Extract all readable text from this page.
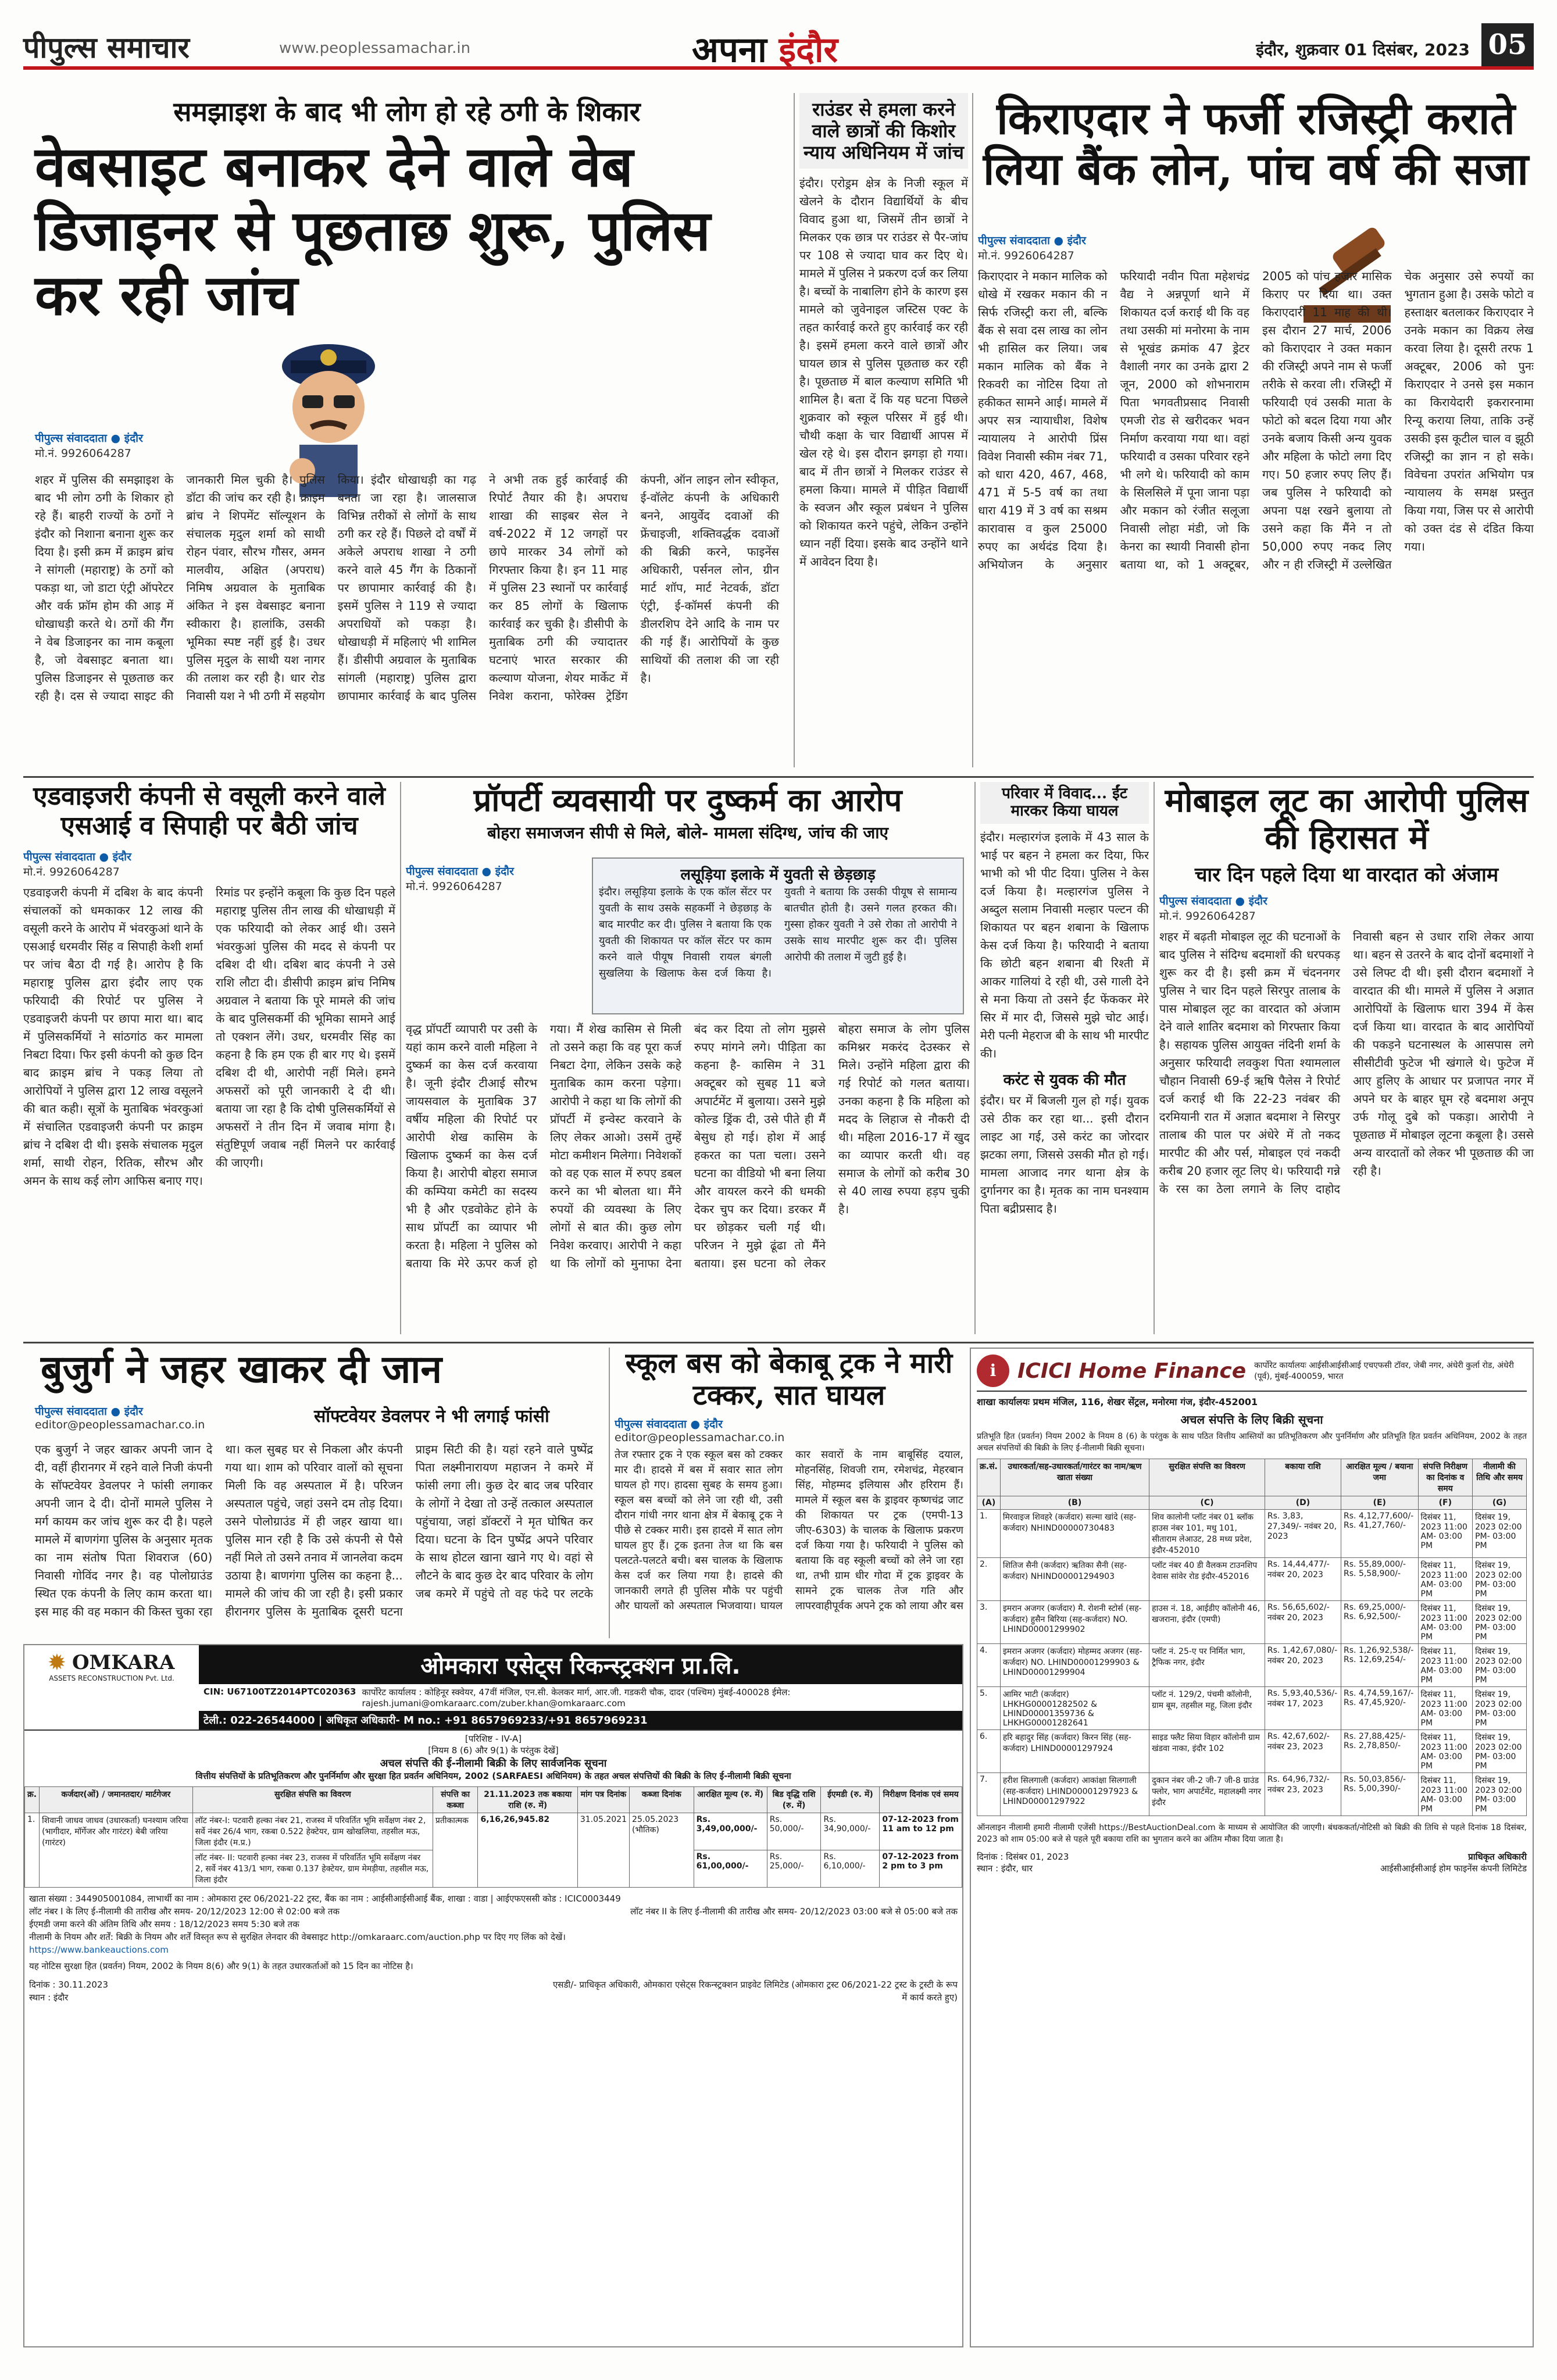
पीपुल्स समाचार	www.peoplessamachar.in	अपना इंदौर	इंदौर, शुक्रवार 01 दिसंबर, 2023 05
समझाइश के बाद भी लोग हो रहे ठगी के शिकार
वेबसाइट बनाकर देने वाले वेब डिजाइनर से पूछताछ शुरू, पुलिस कर रही जांच
पीपुल्स संवाददाता ● इंदौर
मो.नं. 9926064287
शहर में पुलिस की समझाइश के बाद भी लोग ठगी के शिकार हो रहे हैं। बाहरी राज्यों के ठगों ने इंदौर को निशाना बनाना शुरू कर दिया है। इसी क्रम में क्राइम ब्रांच ने सांगली (महाराष्ट्र) के ठगों को पकड़ा था, जो डाटा एंट्री ऑपरेटर और वर्क फ्रॉम होम की आड़ में धोखाधड़ी करते थे। ठगों की गैंग ने वेब डिजाइनर का नाम कबूला है, जो वेबसाइट बनाता था। पुलिस डिजाइनर से पूछताछ कर रही है। दस से ज्यादा साइट की जानकारी मिल चुकी है। पुलिस डॉटा की जांच कर रही है। क्राइम ब्रांच ने शिपमेंट सॉल्यूशन के संचालक मृदुल शर्मा को साथी रोहन पंवार, सौरभ गौसर, अमन मालवीय, अक्षित (अपराध) निमिष अग्रवाल के मुताबिक अंकित ने इस वेबसाइट बनाना स्वीकारा है। हालांकि, उसकी भूमिका स्पष्ट नहीं हुई है। उधर पुलिस मृदुल के साथी यश नागर की तलाश कर रही है। धार रोड निवासी यश ने भी ठगी में सहयोग किया। इंदौर धोखाधड़ी का गढ़ बनता जा रहा है। जालसाज विभिन्न तरीकों से लोगों के साथ ठगी कर रहे हैं। पिछले दो वर्षों में अकेले अपराध शाखा ने ठगी करने वाले 45 गैंग के ठिकानों पर छापामार कार्रवाई की है। इसमें पुलिस ने 119 से ज्यादा अपराधियों को पकड़ा है। धोखाधड़ी में महिलाएं भी शामिल हैं। डीसीपी अग्रवाल के मुताबिक सांगली (महाराष्ट्र) पुलिस द्वारा छापामार कार्रवाई के बाद पुलिस ने अभी तक हुई कार्रवाई की रिपोर्ट तैयार की है। अपराध शाखा की साइबर सेल ने वर्ष-2022 में 12 जगहों पर छापे मारकर 34 लोगों को गिरफ्तार किया है। इन 11 माह में पुलिस 23 स्थानों पर कार्रवाई कर 85 लोगों के खिलाफ कार्रवाई कर चुकी है। डीसीपी के मुताबिक ठगी की ज्यादातर घटनाएं भारत सरकार की कल्याण योजना, शेयर मार्केट में निवेश कराना, फोरेक्स ट्रेडिंग कंपनी, ऑन लाइन लोन स्वीकृत, ई-वॉलेट कंपनी के अधिकारी बनने, आयुर्वेद दवाओं की फ्रेंचाइजी, शक्तिवर्द्धक दवाओं की बिक्री करने, फाइनेंस अधिकारी, पर्सनल लोन, ग्रीन मार्ट शॉप, मार्ट नेटवर्क, डॉटा एंट्री, ई-कॉमर्स कंपनी की डीलरशिप देने आदि के नाम पर की गई हैं। आरोपियों के कुछ साथियों की तलाश की जा रही है।
राउंडर से हमला करने वाले छात्रों की किशोर न्याय अधिनियम में जांच
इंदौर। एरोड्रम क्षेत्र के निजी स्कूल में खेलने के दौरान विद्यार्थियों के बीच विवाद हुआ था, जिसमें तीन छात्रों ने मिलकर एक छात्र पर राउंडर से पैर-जांघ पर 108 से ज्यादा घाव कर दिए थे। मामले में पुलिस ने प्रकरण दर्ज कर लिया है। बच्चों के नाबालिग होने के कारण इस मामले को जुवेनाइल जस्टिस एक्ट के तहत कार्रवाई करते हुए कार्रवाई कर रही है। इसमें हमला करने वाले छात्रों और घायल छात्र से पुलिस पूछताछ कर रही है। पूछताछ में बाल कल्याण समिति भी शामिल है। बता दें कि यह घटना पिछले शुक्रवार को स्कूल परिसर में हुई थी। चौथी कक्षा के चार विद्यार्थी आपस में खेल रहे थे। इस दौरान झगड़ा हो गया। बाद में तीन छात्रों ने मिलकर राउंडर से हमला किया। मामले में पीड़ित विद्यार्थी के स्वजन और स्कूल प्रबंधन ने पुलिस को शिकायत करने पहुंचे, लेकिन उन्होंने ध्यान नहीं दिया। इसके बाद उन्होंने थाने में आवेदन दिया है।
किराएदार ने फर्जी रजिस्ट्री कराते लिया बैंक लोन, पांच वर्ष की सजा
पीपुल्स संवाददाता ● इंदौर
मो.नं. 9926064287
किराएदार ने मकान मालिक को धोखे में रखकर मकान की न सिर्फ रजिस्ट्री करा ली, बल्कि बैंक से सवा दस लाख का लोन भी हासिल कर लिया। जब मकान मालिक को बैंक ने रिकवरी का नोटिस दिया तो हकीकत सामने आई। मामले में अपर सत्र न्यायाधीश, विशेष न्यायालय ने आरोपी प्रिंस विवेश निवासी स्कीम नंबर 71, को धारा 420, 467, 468, 471 में 5-5 वर्ष का तथा धारा 419 में 3 वर्ष का सश्रम कारावास व कुल 25000 रुपए का अर्थदंड दिया है। अभियोजन के अनुसार फरियादी नवीन पिता महेशचंद्र वैद्य ने अन्नपूर्णा थाने में शिकायत दर्ज कराई थी कि वह तथा उसकी मां मनोरमा के नाम से भूखंड क्रमांक 47 ड्रेटर वैशाली नगर का उनके द्वारा 2 जून, 2000 को शोभनाराम पिता भगवतीप्रसाद निवासी एमजी रोड से खरीदकर भवन निर्माण करवाया गया था। वहां फरियादी व उसका परिवार रहने भी लगे थे। फरियादी को काम के सिलसिले में पूना जाना पड़ा और मकान को रंजीत सलूजा निवासी लोहा मंडी, जो कि केनरा का स्थायी निवासी होना बताया था, को 1 अक्टूबर, 2005 को पांच हजार मासिक किराए पर दिया था। उक्त किराएदारी 11 माह की थी। इस दौरान 27 मार्च, 2006 को किराएदार ने उक्त मकान की रजिस्ट्री अपने नाम से फर्जी तरीके से करवा ली। रजिस्ट्री में फरियादी एवं उसकी माता के फोटो को बदल दिया गया और उनके बजाय किसी अन्य युवक और महिला के फोटो लगा दिए गए। 50 हजार रुपए लिए हैं। जब पुलिस ने फरियादी को अपना पक्ष रखने बुलाया तो उसने कहा कि मैंने न तो 50,000 रुपए नकद लिए और न ही रजिस्ट्री में उल्लेखित चेक अनुसार उसे रुपयों का भुगतान हुआ है। उसके फोटो व हस्ताक्षर बतलाकर किराएदार ने उनके मकान का विक्रय लेख करवा लिया है। दूसरी तरफ 1 अक्टूबर, 2006 को पुनः किराएदार ने उनसे इस मकान का किरायेदारी इकरारनामा रिन्यू कराया लिया, ताकि उन्हें उसकी इस कूटील चाल व झूठी रजिस्ट्री का ज्ञान न हो सके। विवेचना उपरांत अभियोग पत्र न्यायालय के समक्ष प्रस्तुत किया गया, जिस पर से आरोपी को उक्त दंड से दंडित किया गया।
एडवाइजरी कंपनी से वसूली करने वाले एसआई व सिपाही पर बैठी जांच
पीपुल्स संवाददाता ● इंदौर
मो.नं. 9926064287
एडवाइजरी कंपनी में दबिश के बाद कंपनी संचालकों को धमकाकर 12 लाख की वसूली करने के आरोप में भंवरकुआं थाने के एसआई धरमवीर सिंह व सिपाही केशी शर्मा पर जांच बैठा दी गई है। आरोप है कि महाराष्ट्र पुलिस द्वारा इंदौर लाए एक फरियादी की रिपोर्ट पर पुलिस ने एडवाइजरी कंपनी पर छापा मारा था। बाद में पुलिसकर्मियों ने सांठगांठ कर मामला निबटा दिया। फिर इसी कंपनी को कुछ दिन बाद क्राइम ब्रांच ने पकड़ लिया तो आरोपियों ने पुलिस द्वारा 12 लाख वसूलने की बात कही। सूत्रों के मुताबिक भंवरकुआं में संचालित एडवाइजरी कंपनी पर क्राइम ब्रांच ने दबिश दी थी। इसके संचालक मृदुल शर्मा, साथी रोहन, रितिक, सौरभ और अमन के साथ कई लोग आफिस बनाए गए। रिमांड पर इन्होंने कबूला कि कुछ दिन पहले महाराष्ट्र पुलिस तीन लाख की धोखाधड़ी में एक फरियादी को लेकर आई थी। उसने भंवरकुआं पुलिस की मदद से कंपनी पर दबिश दी थी। दबिश बाद कंपनी ने उसे राशि लौटा दी। डीसीपी क्राइम ब्रांच निमिष अग्रवाल ने बताया कि पूरे मामले की जांच के बाद पुलिसकर्मी की भूमिका सामने आई तो एक्शन लेंगे। उधर, धरमवीर सिंह का कहना है कि हम एक ही बार गए थे। इसमें दबिश दी थी, आरोपी नहीं मिले। हमने अफसरों को पूरी जानकारी दे दी थी। बताया जा रहा है कि दोषी पुलिसकर्मियों से अफसरों ने तीन दिन में जवाब मांगा है। संतुष्टिपूर्ण जवाब नहीं मिलने पर कार्रवाई की जाएगी।
प्रॉपर्टी व्यवसायी पर दुष्कर्म का आरोप
बोहरा समाजजन सीपी से मिले, बोले- मामला संदिग्ध, जांच की जाए
पीपुल्स संवाददाता ● इंदौर
मो.नं. 9926064287
लसूड़िया इलाके में युवती से छेड़छाड़
इंदौर। लसूड़िया इलाके के एक कॉल सेंटर पर युवती के साथ उसके सहकर्मी ने छेड़छाड़ के बाद मारपीट कर दी। पुलिस ने बताया कि एक युवती की शिकायत पर कॉल सेंटर पर काम करने वाले पीयूष निवासी रायल बंगली सुखलिया के खिलाफ केस दर्ज किया है। युवती ने बताया कि उसकी पीयूष से सामान्य बातचीत होती है। उसने गलत हरकत की। गुस्सा होकर युवती ने उसे रोका तो आरोपी ने उसके साथ मारपीट शुरू कर दी। पुलिस आरोपी की तलाश में जुटी हुई है।
वृद्ध प्रॉपर्टी व्यापारी पर उसी के यहां काम करने वाली महिला ने दुष्कर्म का केस दर्ज करवाया है। जूनी इंदौर टीआई सौरभ जायसवाल के मुताबिक 37 वर्षीय महिला की रिपोर्ट पर आरोपी शेख कासिम के खिलाफ दुष्कर्म का केस दर्ज किया है। आरोपी बोहरा समाज की कम्पिया कमेटी का सदस्य भी है और एडवोकेट होने के साथ प्रॉपर्टी का व्यापार भी करता है। महिला ने पुलिस को बताया कि मेरे ऊपर कर्ज हो गया। मैं शेख कासिम से मिली तो उसने कहा कि वह पूरा कर्ज निबटा देगा, लेकिन उसके कहे मुताबिक काम करना पड़ेगा। आरोपी ने कहा था कि लोगों की प्रॉपर्टी में इन्वेस्ट करवाने के लिए लेकर आओ। उसमें तुम्हें मोटा कमीशन मिलेगा। निवेशकों को वह एक साल में रुपए डबल करने का भी बोलता था। मैंने रुपयों की व्यवस्था के लिए लोगों से बात की। कुछ लोग निवेश करवाए। आरोपी ने कहा था कि लोगों को मुनाफा देना बंद कर दिया तो लोग मुझसे रुपए मांगने लगे। पीड़िता का कहना है- कासिम ने 31 अक्टूबर को सुबह 11 बजे अपार्टमेंट में बुलाया। उसने मुझे कोल्ड ड्रिंक दी, उसे पीते ही मैं बेसुध हो गई। होश में आई हकरत का पता चला। उसने घटना का वीडियो भी बना लिया और वायरल करने की धमकी देकर चुप कर दिया। डरकर मैं घर छोड़कर चली गई थी। परिजन ने मुझे ढूंढा तो मैंने बताया। इस घटना को लेकर बोहरा समाज के लोग पुलिस कमिश्नर मकरंद देउस्कर से मिले। उन्होंने महिला द्वारा की गई रिपोर्ट को गलत बताया। उनका कहना है कि महिला को मदद के लिहाज से नौकरी दी थी। महिला 2016-17 में खुद का व्यापार करती थी। वह समाज के लोगों को करीब 30 से 40 लाख रुपया हड़प चुकी है।
परिवार में विवाद... ईंट मारकर किया घायल
इंदौर। मल्हारगंज इलाके में 43 साल के भाई पर बहन ने हमला कर दिया, फिर भाभी को भी पीट दिया। पुलिस ने केस दर्ज किया है। मल्हारगंज पुलिस ने अब्दुल सलाम निवासी मल्हार पल्टन की शिकायत पर बहन शबाना के खिलाफ केस दर्ज किया है। फरियादी ने बताया कि छोटी बहन शबाना बी रिश्ती में आकर गालियां दे रही थी, उसे गाली देने से मना किया तो उसने ईंट फेंककर मेरे सिर में मार दी, जिससे मुझे चोट आई। मेरी पत्नी मेहराज बी के साथ भी मारपीट की।
करंट से युवक की मौत
इंदौर। घर में बिजली गुल हो गई। युवक उसे ठीक कर रहा था... इसी दौरान लाइट आ गई, उसे करंट का जोरदार झटका लगा, जिससे उसकी मौत हो गई। मामला आजाद नगर थाना क्षेत्र के दुर्गानगर का है। मृतक का नाम घनश्याम पिता बद्रीप्रसाद है।
मोबाइल लूट का आरोपी पुलिस की हिरासत में
चार दिन पहले दिया था वारदात को अंजाम
पीपुल्स संवाददाता ● इंदौर
मो.नं. 9926064287
शहर में बढ़ती मोबाइल लूट की घटनाओं के बाद पुलिस ने संदिग्ध बदमाशों की धरपकड़ शुरू कर दी है। इसी क्रम में चंदननगर पुलिस ने चार दिन पहले सिरपुर तालाब के पास मोबाइल लूट का वारदात को अंजाम देने वाले शातिर बदमाश को गिरफ्तार किया है। सहायक पुलिस आयुक्त नंदिनी शर्मा के अनुसार फरियादी लवकुश पिता श्यामलाल चौहान निवासी 69-ई ऋषि पैलेस ने रिपोर्ट दर्ज कराई थी कि 22-23 नवंबर की दरमियानी रात में अज्ञात बदमाश ने सिरपुर तालाब की पाल पर अंधेरे में तो नकद मारपीट की और पर्स, मोबाइल एवं नकदी करीब 20 हजार लूट लिए थे। फरियादी गन्ने के रस का ठेला लगाने के लिए दाहोद निवासी बहन से उधार राशि लेकर आया था। बहन से उतरने के बाद दोनों बदमाशों ने उसे लिफ्ट दी थी। इसी दौरान बदमाशों ने वारदात की थी। मामले में पुलिस ने अज्ञात आरोपियों के खिलाफ धारा 394 में केस दर्ज किया था। वारदात के बाद आरोपियों की पकड़ने घटनास्थल के आसपास लगे सीसीटीवी फुटेज भी खंगाले थे। फुटेज में आए हुलिए के आधार पर प्रजापत नगर में अपने घर के बाहर घूम रहे बदमाश अनूप उर्फ गोलू दुबे को पकड़ा। आरोपी ने पूछताछ में मोबाइल लूटना कबूला है। उससे अन्य वारदातों को लेकर भी पूछताछ की जा रही है।
बुजुर्ग ने जहर खाकर दी जान
सॉफ्टवेयर डेवलपर ने भी लगाई फांसी
पीपुल्स संवाददाता ● इंदौर
editor@peoplessamachar.co.in
एक बुजुर्ग ने जहर खाकर अपनी जान दे दी, वहीं हीरानगर में रहने वाले निजी कंपनी के सॉफ्टवेयर डेवलपर ने फांसी लगाकर अपनी जान दे दी। दोनों मामले पुलिस ने मर्ग कायम कर जांच शुरू कर दी है। पहले मामले में बाणगंगा पुलिस के अनुसार मृतक का नाम संतोष पिता शिवराज (60) निवासी गोविंद नगर है। वह पोलोग्राउंड स्थित एक कंपनी के लिए काम करता था। इस माह की वह मकान की किस्त चुका रहा था। कल सुबह घर से निकला और कंपनी गया था। शाम को परिवार वालों को सूचना मिली कि वह अस्पताल में है। परिजन अस्पताल पहुंचे, जहां उसने दम तोड़ दिया। उसने पोलोग्राउंड में ही जहर खाया था। पुलिस मान रही है कि उसे कंपनी से पैसे नहीं मिले तो उसने तनाव में जानलेवा कदम उठाया है। बाणगंगा पुलिस का कहना है... मामले की जांच की जा रही है। इसी प्रकार हीरानगर पुलिस के मुताबिक दूसरी घटना प्राइम सिटी की है। यहां रहने वाले पुष्पेंद्र पिता लक्ष्मीनारायण महाजन ने कमरे में फांसी लगा ली। कुछ देर बाद जब परिवार के लोगों ने देखा तो उन्हें तत्काल अस्पताल पहुंचाया, जहां डॉक्टरों ने मृत घोषित कर दिया। घटना के दिन पुष्पेंद्र अपने परिवार के साथ होटल खाना खाने गए थे। वहां से लौटने के बाद कुछ देर बाद परिवार के लोग जब कमरे में पहुंचे तो वह फंदे पर लटके
स्कूल बस को बेकाबू ट्रक ने मारी टक्कर, सात घायल
पीपुल्स संवाददाता ● इंदौर
editor@peoplessamachar.co.in
तेज रफ्तार ट्रक ने एक स्कूल बस को टक्कर मार दी। हादसे में बस में सवार सात लोग घायल हो गए। हादसा सुबह के समय हुआ। स्कूल बस बच्चों को लेने जा रही थी, उसी दौरान गांधी नगर थाना क्षेत्र में बेकाबू ट्रक ने पीछे से टक्कर मारी। इस हादसे में सात लोग घायल हुए हैं। ट्रक इतना तेज था कि बस पलटते-पलटते बची। बस चालक के खिलाफ केस दर्ज कर लिया गया है। हादसे की जानकारी लगते ही पुलिस मौके पर पहुंची और घायलों को अस्पताल भिजवाया। घायल कार सवारों के नाम बाबूसिंह दयाल, मोहनसिंह, शिवजी राम, रमेशचंद्र, मेहरबान सिंह, मोहम्मद इलियास और हरिराम हैं। मामले में स्कूल बस के ड्राइवर कृष्णचंद्र जाट की शिकायत पर ट्रक (एमपी-13 जीए-6303) के चालक के खिलाफ प्रकरण दर्ज किया गया है। फरियादी ने पुलिस को बताया कि वह स्कूली बच्चों को लेने जा रहा था, तभी ग्राम धीर गोदा में ट्रक ड्राइवर के सामने ट्रक चालक तेज गति और लापरवाहीपूर्वक अपने ट्रक को लाया और बस
i	ICICI Home Finance कार्पोरेट कार्यालयः आईसीआईसीआई एचएफसी टॉवर, जेबी नगर, अंधेरी कुर्ला रोड, अंधेरी (पूर्व), मुंबई-400059, भारत
शाखा कार्यालयः प्रथम मंजिल, 116, शेखर सेंट्रल, मनोरमा गंज, इंदौर-452001
अचल संपत्ति के लिए बिक्री सूचना
प्रतिभूति हित (प्रवर्तन) नियम 2002 के नियम 8 (6) के परंतुक के साथ पठित वित्तीय आस्तियों का प्रतिभूतिकरण और पुनर्निर्माण और प्रतिभूति हित प्रवर्तन अधिनियम, 2002 के तहत अचल संपत्तियों की बिक्री के लिए ई-नीलामी बिक्री सूचना।
क्र.सं.	उधारकर्ता/सह-उधारकर्ता/गारंटर का नाम/ऋण खाता संख्या	सुरक्षित संपत्ति का विवरण	बकाया राशि	आरक्षित मूल्य / बयाना जमा	संपत्ति निरीक्षण का दिनांक व समय	नीलामी की तिथि और समय
(A)	(B)	(C)	(D)	(E)	(F)	(G)
1.	मिरवाइज शिवहरे (कर्जदार) सल्मा खांदे (सह-कर्जदार) NHIND00000730483	शिव कालोनी प्लॉट नंबर 01 ब्लॉक हाउस नंबर 101, मधु 101, सीताराम लेआउट, 28 मध्य प्रदेश, इंदौर-452010	Rs. 3,83, 27,349/- नवंबर 20, 2023	Rs. 4,12,77,600/- Rs. 41,27,760/-	दिसंबर 11, 2023 11:00 AM- 03:00 PM	दिसंबर 19, 2023 02:00 PM- 03:00 PM
2.	शितिज सैनी (कर्जदार) ऋतिका सैनी (सह-कर्जदार) NHIND00001294903	प्लॉट नंबर 40 डी वैलकम टाउनशिप देवास सांवेर रोड इंदौर-452016	Rs. 14,44,477/- नवंबर 20, 2023	Rs. 55,89,000/- Rs. 5,58,900/-	दिसंबर 11, 2023 11:00 AM- 03:00 PM	दिसंबर 19, 2023 02:00 PM- 03:00 PM
3.	इमरान अजगर (कर्जदार) मै. रोशनी स्टोर्स (सह-कर्जदार) हुसैन बिरिया (सह-कर्जदार) NO. LHIND00001299902	हाउस नं. 18, आईडीए कॉलोनी 46, खजराना, इंदौर (एमपी)	Rs. 56,65,602/- नवंबर 20, 2023	Rs. 69,25,000/- Rs. 6,92,500/-	दिसंबर 11, 2023 11:00 AM- 03:00 PM	दिसंबर 19, 2023 02:00 PM- 03:00 PM
4.	इमरान अजगर (कर्जदार) मोहम्मद अजगर (सह-कर्जदार) NO. LHIND00001299903 & LHIND00001299904	प्लॉट नं. 25-ए पर निर्मित भाग, ट्रैफिक नगर, इंदौर	Rs. 1,42,67,080/- नवंबर 20, 2023	Rs. 1,26,92,538/- Rs. 12,69,254/-	दिसंबर 11, 2023 11:00 AM- 03:00 PM	दिसंबर 19, 2023 02:00 PM- 03:00 PM
5.	आमिर भाटी (कर्जदार) LHKHG00001282502 & LHIND00001359736 & LHKHG00001282641	प्लॉट नं. 129/2, पंचमी कॉलोनी, ग्राम बूम, तहसील महू, जिला इंदौर	Rs. 5,93,40,536/- नवंबर 17, 2023	Rs. 4,74,59,167/- Rs. 47,45,920/-	दिसंबर 11, 2023 11:00 AM- 03:00 PM	दिसंबर 19, 2023 02:00 PM- 03:00 PM
6.	हरि बहादुर सिंह (कर्जदार) किरन सिंह (सह-कर्जदार) LHIND00001297924	साइड फ्लैट सिया विहार कॉलोनी ग्राम खंडवा नाका, इंदौर 102	Rs. 42,67,602/- नवंबर 23, 2023	Rs. 27,88,425/- Rs. 2,78,850/-	दिसंबर 11, 2023 11:00 AM- 03:00 PM	दिसंबर 19, 2023 02:00 PM- 03:00 PM
7.	हरीश सिलगाली (कर्जदार) आकांक्षा सिलगाली (सह-कर्जदार) LHIND00001297923 & LHIND00001297922	दुकान नंबर जी-2 जी-7 जी-8 ग्राउंड फ्लोर, भाग अपार्टमेंट, महालक्ष्मी नगर इंदौर	Rs. 64,96,732/- नवंबर 23, 2023	Rs. 50,03,856/- Rs. 5,00,390/-	दिसंबर 11, 2023 11:00 AM- 03:00 PM	दिसंबर 19, 2023 02:00 PM- 03:00 PM
ऑनलाइन नीलामी हमारी नीलामी एजेंसी https://BestAuctionDeal.com के माध्यम से आयोजित की जाएगी। बंधककर्ता/नोटिसी को बिक्री की तिथि से पहले दिनांक 18 दिसंबर, 2023 को शाम 05:00 बजे से पहले पूरी बकाया राशि का भुगतान करने का अंतिम मौका दिया जाता है।
दिनांक : दिसंबर 01, 2023
स्थान : इंदौर, धार
प्राधिकृत अधिकारी
आईसीआईसीआई होम फाइनेंस कंपनी लिमिटेड
✹ OMKARA
ASSETS RECONSTRUCTION Pvt. Ltd.	ओमकारा एसेट्स रिकन्स्ट्रक्शन प्रा.लि.
CIN: U67100TZ2014PTC020363 कार्पोरेट कार्यालय : कोहिनूर स्क्वेयर, 47वीं मंजिल, एन.सी. केलकर मार्ग, आर.जी. गडकरी चौक, दादर (पश्चिम) मुंबई-400028 ईमेल: rajesh.jumani@omkaraarc.com/zuber.khan@omkaraarc.com
टेली.: 022-26544000 | अधिकृत अधिकारी- M no.: +91 8657969233/+91 8657969231
[परिशिष्ट - IV-A]
[नियम 8 (6) और 9(1) के परंतुक देखें]
अचल संपत्ति की ई-नीलामी बिक्री के लिए सार्वजनिक सूचना
वित्तीय संपत्तियों के प्रतिभूतिकरण और पुनर्निर्माण और सुरक्षा हित प्रवर्तन अधिनियम, 2002 (SARFAESI अधिनियम) के तहत अचल संपत्तियों की बिक्री के लिए ई-नीलामी बिक्री सूचना
क्र.	कर्जदार(ओं) / जमानतदार/ मार्टगेजर	सुरक्षित संपत्ति का विवरण	संपत्ति का कब्जा	21.11.2023 तक बकाया राशि (रु. में)	मांग पत्र दिनांक	कब्जा दिनांक	आरक्षित मूल्य (रु. में)	बिड वृद्धि राशि (रु. में)	ईएमडी (रु. में)	निरीक्षण दिनांक एवं समय
1.	शिवानी जाधव जाधव (उधारकर्ता) घनश्याम जरिया (भागीदार, मॉर्गेजर और गारंटर) बेबी जरिया (गारंटर)	लॉट नंबर-I: पटवारी हल्का नंबर 21, राजस्व में परिवर्तित भूमि सर्वेक्षण नंबर 2, सर्वे नंबर 26/4 भाग, रकबा 0.522 हेक्टेयर, ग्राम खोखलिया, तहसील मऊ, जिला इंदौर (म.प्र.)	प्रतीकात्मक	6,16,26,945.82	31.05.2021	25.05.2023 (भौतिक)	Rs. 3,49,00,000/-	Rs. 50,000/-	Rs. 34,90,000/-	07-12-2023 from 11 am to 12 pm
		लॉट नंबर- II: पटवारी हल्का नंबर 23, राजस्व में परिवर्तित भूमि सर्वेक्षण नंबर 2, सर्वे नंबर 413/1 भाग, रकबा 0.137 हेक्टेयर, ग्राम मेमड़ीया, तहसील मऊ, जिला इंदौर					Rs. 61,00,000/-	Rs. 25,000/-	Rs. 6,10,000/-	07-12-2023 from 2 pm to 3 pm
खाता संख्या : 344905001084, लाभार्थी का नाम : ओमकारा ट्रस्ट 06/2021-22 ट्रस्ट, बैंक का नाम : आईसीआईसीआई बैंक, शाखा : वाडा | आईएफएससी कोड : ICIC0003449
लॉट नंबर I के लिए ई-नीलामी की तारीख और समय- 20/12/2023 12:00 से 02:00 बजे तक	लॉट नंबर II के लिए ई-नीलामी की तारीख और समय- 20/12/2023 03:00 बजे से 05:00 बजे तक
ईएमडी जमा करने की अंतिम तिथि और समय : 18/12/2023 समय 5:30 बजे तक
नीलामी के नियम और शर्तें: बिक्री के नियम और शर्तें विस्तृत रूप से सुरक्षित लेनदार की वेबसाइट http://omkaraarc.com/auction.php पर दिए गए लिंक को देखें।
https://www.bankeauctions.com
यह नोटिस सुरक्षा हित (प्रवर्तन) नियम, 2002 के नियम 8(6) और 9(1) के तहत उधारकर्ताओं को 15 दिन का नोटिस है।
दिनांक : 30.11.2023
स्थान : इंदौर
एसडी/- प्राधिकृत अधिकारी, ओमकारा एसेट्स रिकन्स्ट्रक्शन प्राइवेट लिमिटेड (ओमकारा ट्रस्ट 06/2021-22 ट्रस्ट के ट्रस्टी के रूप में कार्य करते हुए)
